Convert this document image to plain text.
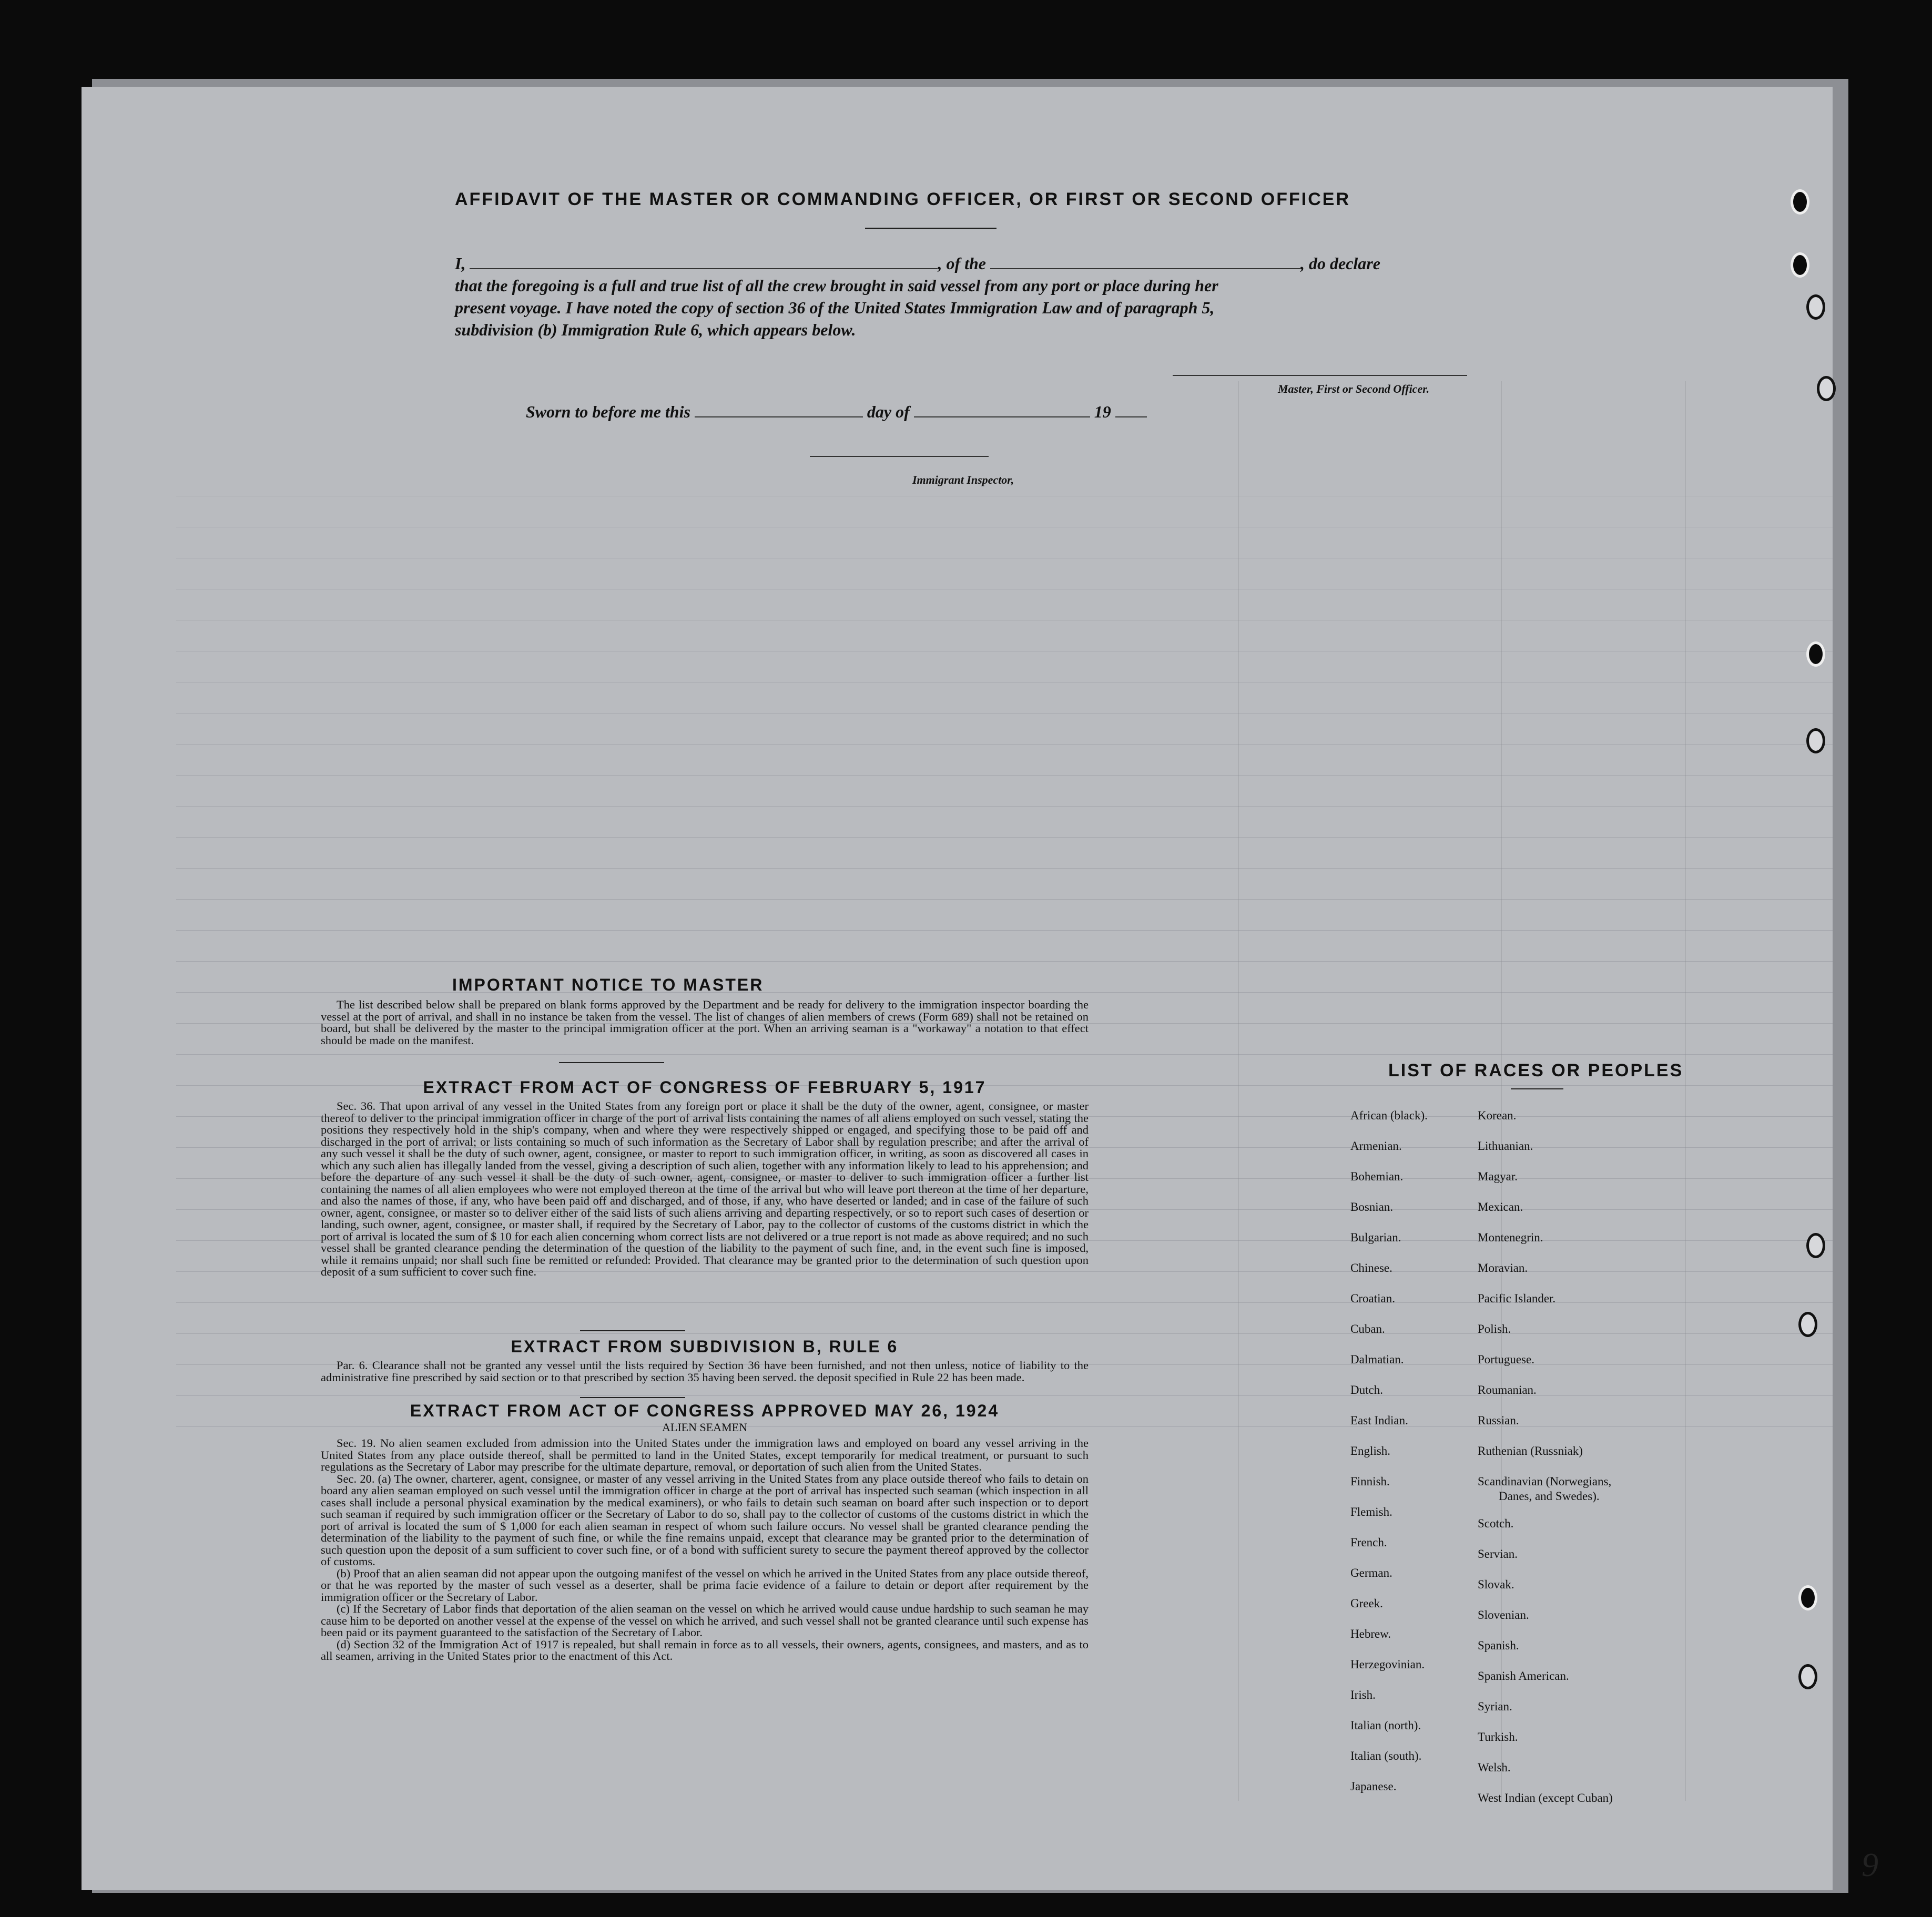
AFFIDAVIT OF THE MASTER OR COMMANDING OFFICER, OR FIRST OR SECOND OFFICER
I,	, of the	, do declare
that the foregoing is a full and true list of all the crew brought in said vessel from any port or place during her
present voyage. I have noted the copy of section 36 of the United States Immigration Law and of paragraph 5,
subdivision (b) Immigration Rule 6, which appears below.
Master, First or Second Officer.
Sworn to before me this	day of	19
Immigrant Inspector,
IMPORTANT NOTICE TO MASTER

The list described below shall be prepared on blank forms approved by the Department and be ready for delivery to the immigration inspector boarding the vessel at the port of arrival, and shall in no instance be taken from the vessel. The list of changes of alien members of crews (Form 689) shall not be retained on board, but shall be delivered by the master to the principal immigration officer at the port. When an arriving seaman is a "workaway" a notation to that effect should be made on the manifest.

EXTRACT FROM ACT OF CONGRESS OF FEBRUARY 5, 1917

Sec. 36. That upon arrival of any vessel in the United States from any foreign port or place it shall be the duty of the owner, agent, consignee, or master thereof to deliver to the principal immigration officer in charge of the port of arrival lists containing the names of all aliens employed on such vessel, stating the positions they respectively hold in the ship's company, when and where they were respectively shipped or engaged, and specifying those to be paid off and discharged in the port of arrival; or lists containing so much of such information as the Secretary of Labor shall by regulation prescribe; and after the arrival of any such vessel it shall be the duty of such owner, agent, consignee, or master to report to such immigration officer, in writing, as soon as discovered all cases in which any such alien has illegally landed from the vessel, giving a description of such alien, together with any information likely to lead to his apprehension; and before the departure of any such vessel it shall be the duty of such owner, agent, consignee, or master to deliver to such immigration officer a further list containing the names of all alien employees who were not employed thereon at the time of the arrival but who will leave port thereon at the time of her departure, and also the names of those, if any, who have been paid off and discharged, and of those, if any, who have deserted or landed; and in case of the failure of such owner, agent, consignee, or master so to deliver either of the said lists of such aliens arriving and departing respectively, or so to report such cases of desertion or landing, such owner, agent, consignee, or master shall, if required by the Secretary of Labor, pay to the collector of customs of the customs district in which the port of arrival is located the sum of $ 10 for each alien concerning whom correct lists are not delivered or a true report is not made as above required; and no such vessel shall be granted clearance pending the determination of the question of the liability to the payment of such fine, and, in the event such fine is imposed, while it remains unpaid; nor shall such fine be remitted or refunded: Provided. That clearance may be granted prior to the determination of such question upon deposit of a sum sufficient to cover such fine.

EXTRACT FROM SUBDIVISION B, RULE 6

Par. 6. Clearance shall not be granted any vessel until the lists required by Section 36 have been furnished, and not then unless, notice of liability to the administrative fine prescribed by said section or to that prescribed by section 35 having been served. the deposit specified in Rule 22 has been made.

EXTRACT FROM ACT OF CONGRESS APPROVED MAY 26, 1924
ALIEN SEAMEN

Sec. 19. No alien seamen excluded from admission into the United States under the immigration laws and employed on board any vessel arriving in the United States from any place outside thereof, shall be permitted to land in the United States, except temporarily for medical treatment, or pursuant to such regulations as the Secretary of Labor may prescribe for the ultimate departure, removal, or deportation of such alien from the United States.

Sec. 20. (a) The owner, charterer, agent, consignee, or master of any vessel arriving in the United States from any place outside thereof who fails to detain on board any alien seaman employed on such vessel until the immigration officer in charge at the port of arrival has inspected such seaman (which inspection in all cases shall include a personal physical examination by the medical examiners), or who fails to detain such seaman on board after such inspection or to deport such seaman if required by such immigration officer or the Secretary of Labor to do so, shall pay to the collector of customs of the customs district in which the port of arrival is located the sum of $ 1,000 for each alien seaman in respect of whom such failure occurs. No vessel shall be granted clearance pending the determination of the liability to the payment of such fine, or while the fine remains unpaid, except that clearance may be granted prior to the determination of such question upon the deposit of a sum sufficient to cover such fine, or of a bond with sufficient surety to secure the payment thereof approved by the collector of customs.

(b) Proof that an alien seaman did not appear upon the outgoing manifest of the vessel on which he arrived in the United States from any place outside thereof, or that he was reported by the master of such vessel as a deserter, shall be prima facie evidence of a failure to detain or deport after requirement by the immigration officer or the Secretary of Labor.

(c) If the Secretary of Labor finds that deportation of the alien seaman on the vessel on which he arrived would cause undue hardship to such seaman he may cause him to be deported on another vessel at the expense of the vessel on which he arrived, and such vessel shall not be granted clearance until such expense has been paid or its payment guaranteed to the satisfaction of the Secretary of Labor.

(d) Section 32 of the Immigration Act of 1917 is repealed, but shall remain in force as to all vessels, their owners, agents, consignees, and masters, and as to all seamen, arriving in the United States prior to the enactment of this Act.

LIST OF RACES OR PEOPLES
African (black).
Armenian.
Bohemian.
Bosnian.
Bulgarian.
Chinese.
Croatian.
Cuban.
Dalmatian.
Dutch.
East Indian.
English.
Finnish.
Flemish.
French.
German.
Greek.
Hebrew.
Herzegovinian.
Irish.
Italian (north).
Italian (south).
Japanese.
Korean.
Lithuanian.
Magyar.
Mexican.
Montenegrin.
Moravian.
Pacific Islander.
Polish.
Portuguese.
Roumanian.
Russian.
Ruthenian (Russniak)
Scandinavian (Norwegians,
Danes, and Swedes).
Scotch.
Servian.
Slovak.
Slovenian.
Spanish.
Spanish American.
Syrian.
Turkish.
Welsh.
West Indian (except Cuban)
9
